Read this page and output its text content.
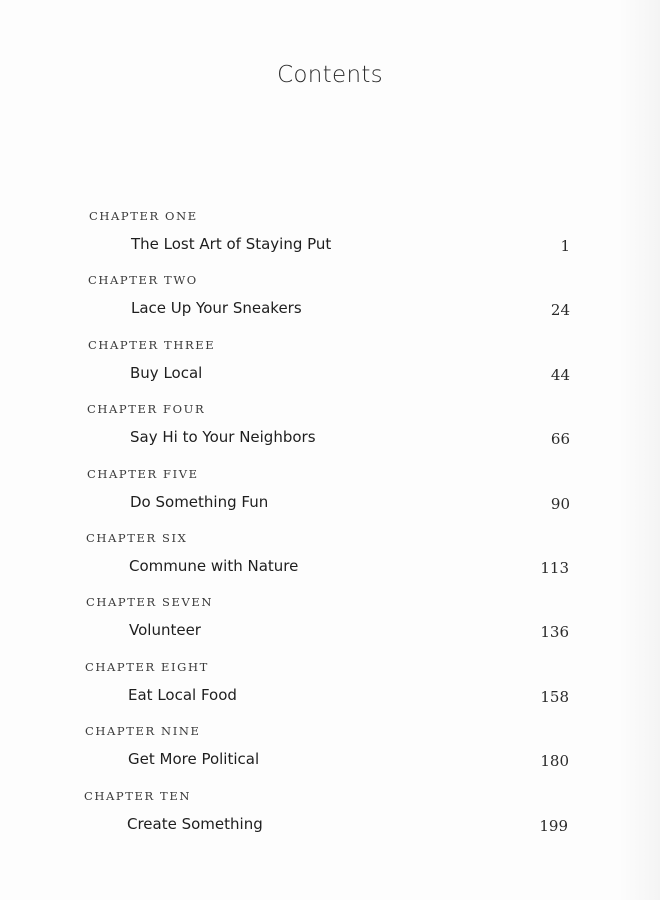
Contents
CHAPTER ONE
The Lost Art of Staying Put	1
CHAPTER TWO
Lace Up Your Sneakers	24
CHAPTER THREE
Buy Local	44
CHAPTER FOUR
Say Hi to Your Neighbors	66
CHAPTER FIVE
Do Something Fun	90
CHAPTER SIX
Commune with Nature	113
CHAPTER SEVEN
Volunteer	136
CHAPTER EIGHT
Eat Local Food	158
CHAPTER NINE
Get More Political	180
CHAPTER TEN
Create Something	199
